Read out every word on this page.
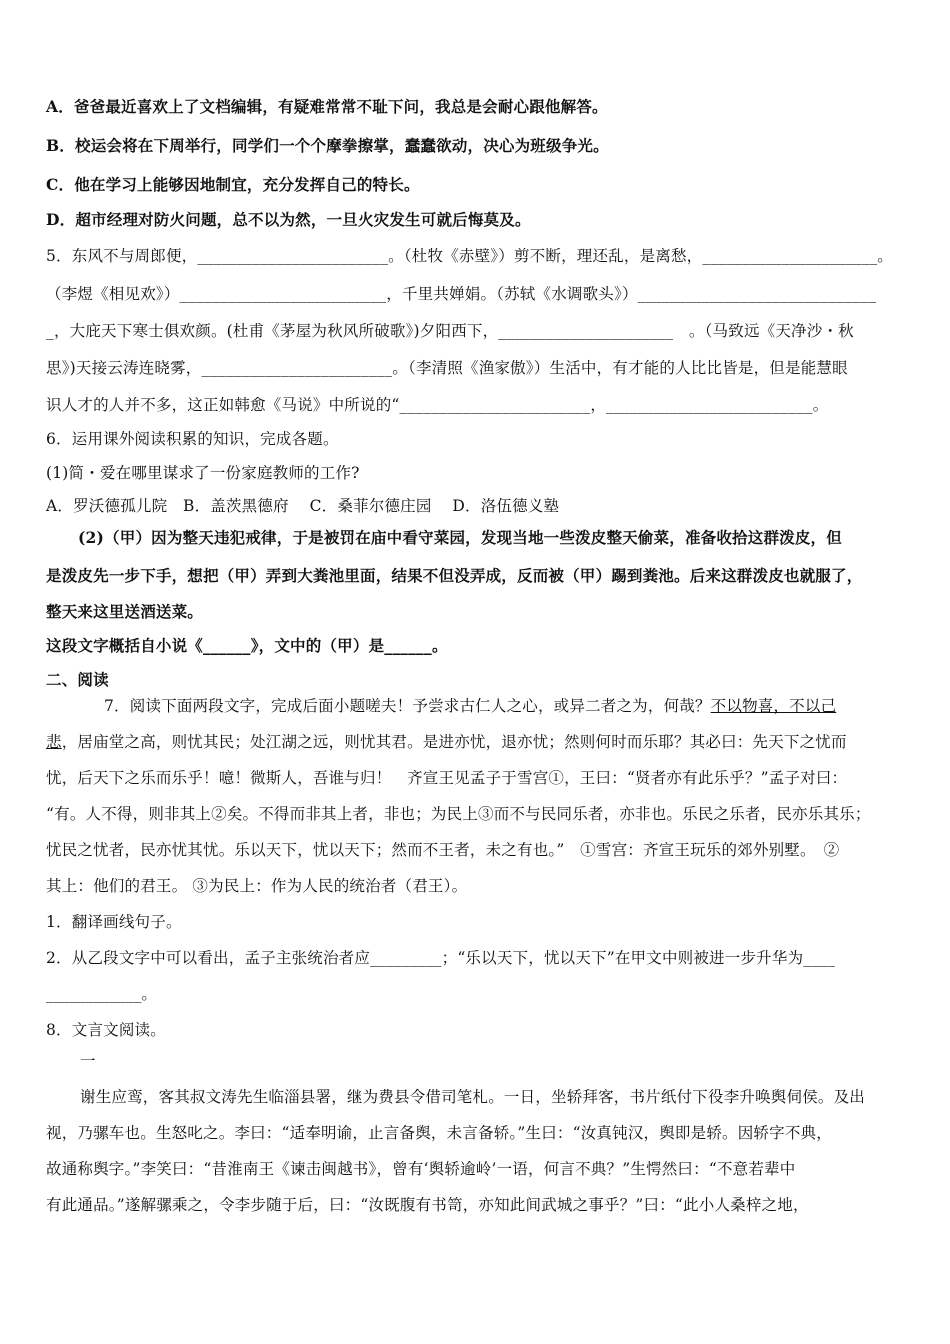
A．爸爸最近喜欢上了文档编辑，有疑难常常不耻下问，我总是会耐心跟他解答。
B．校运会将在下周举行，同学们一个个摩拳擦掌，蠢蠢欲动，决心为班级争光。
C．他在学习上能够因地制宜，充分发挥自己的特长。
D．超市经理对防火问题，总不以为然，一旦火灾发生可就后悔莫及。
5．东风不与周郎便，________________________。（杜牧《赤壁》）剪不断，理还乱，是离愁，______________________。
（李煜《相见欢》）__________________________，千里共婵娟。（苏轼《水调歌头》）______________________________
_，大庇天下寒士俱欢颜。(杜甫《茅屋为秋风所破歌》)夕阳西下，______________________　。（马致远《天净沙・秋
思》)天接云涛连晓雾，________________________。（李清照《渔家傲》）生活中，有才能的人比比皆是，但是能慧眼
识人才的人并不多，这正如韩愈《马说》中所说的“________________________，__________________________。
6．运用课外阅读积累的知识，完成各题。
(1)简・爱在哪里谋求了一份家庭教师的工作?
A．罗沃德孤儿院　B．盖茨黑德府　 C．桑菲尔德庄园　 D．洛伍德义塾
(2)（甲）因为整天违犯戒律，于是被罚在庙中看守菜园，发现当地一些泼皮整天偷菜，准备收拾这群泼皮，但
是泼皮先一步下手，想把（甲）弄到大粪池里面，结果不但没弄成，反而被（甲）踢到粪池。后来这群泼皮也就服了，
整天来这里送酒送菜。
这段文字概括自小说《______》，文中的（甲）是______。
二、阅读
7．阅读下面两段文字，完成后面小题嗟夫！予尝求古仁人之心，或异二者之为，何哉？不以物喜，不以己
悲，居庙堂之高，则忧其民；处江湖之远，则忧其君。是进亦忧，退亦忧；然则何时而乐耶？其必曰：先天下之忧而
忧，后天下之乐而乐乎！噫！微斯人，吾谁与归！　齐宣王见孟子于雪宫①，王曰：“贤者亦有此乐乎？”孟子对曰：
“有。人不得，则非其上②矣。不得而非其上者，非也；为民上③而不与民同乐者，亦非也。乐民之乐者，民亦乐其乐；
忧民之忧者，民亦忧其忧。乐以天下，忧以天下；然而不王者，未之有也。”　①雪宫：齐宣王玩乐的郊外别墅。　②
其上：他们的君王。 ③为民上：作为人民的统治者（君王）。
1．翻译画线句子。
2．从乙段文字中可以看出，孟子主张统治者应_________；“乐以天下，忧以天下”在甲文中则被进一步升华为____
____________。
8．文言文阅读。
一
谢生应鸾，客其叔文涛先生临淄县署，继为费县令借司笔札。一日，坐轿拜客，书片纸付下役李升唤舆伺侯。及出
视，乃骡车也。生怒叱之。李曰：“适奉明谕，止言备舆，未言备轿。”生曰：“汝真钝汉，舆即是轿。因轿字不典，
故通称舆字。”李笑曰：“昔淮南王《谏击闽越书》，曾有‘舆轿逾岭’一语，何言不典？”生愕然曰：“不意若辈中
有此通品。”遂解骡乘之，令李步随于后，曰：“汝既腹有书笥，亦知此间武城之事乎？”曰：“此小人桑梓之地，
